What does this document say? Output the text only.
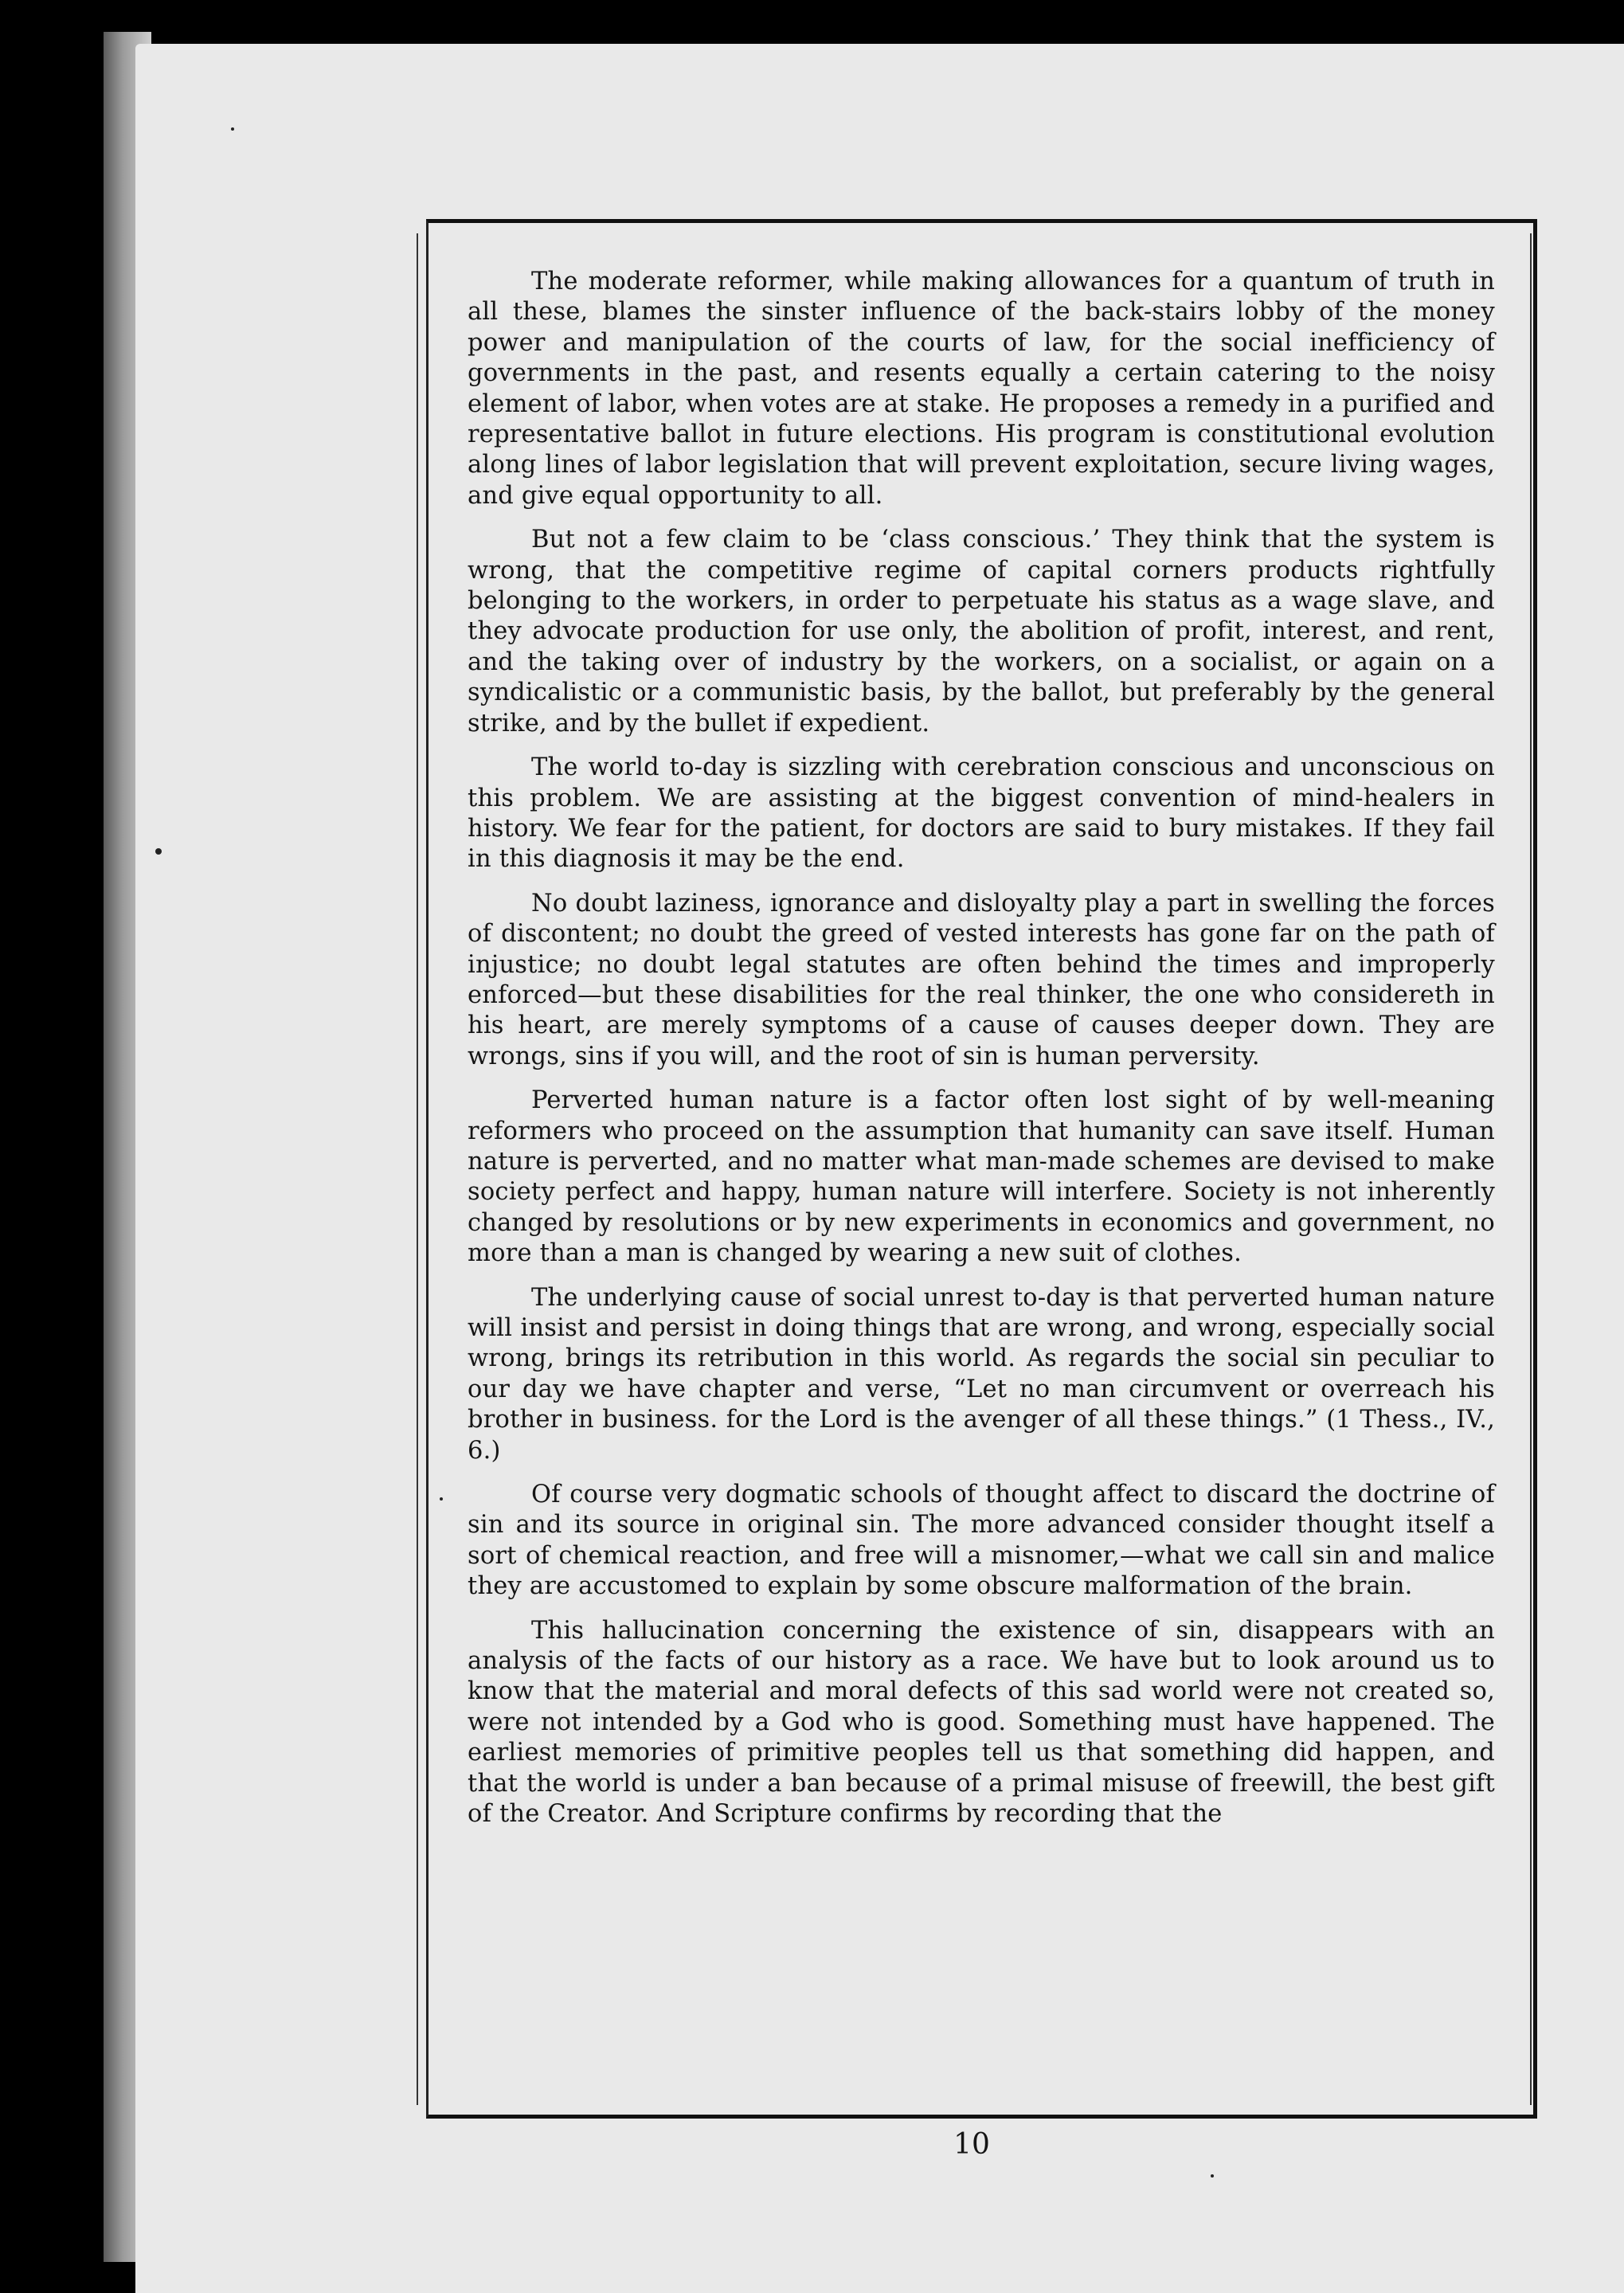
The moderate reformer, while making allowances for a quantum of truth in all these, blames the sinster influence of the back-stairs lobby of the money power and manipulation of the courts of law, for the social inefficiency of governments in the past, and resents equally a certain catering to the noisy element of labor, when votes are at stake. He proposes a remedy in a purified and representative ballot in future elections. His program is constitutional evolution along lines of labor legislation that will prevent exploitation, secure living wages, and give equal opportunity to all.

But not a few claim to be ‘class conscious.’ They think that the system is wrong, that the competitive regime of capital corners products rightfully belonging to the workers, in order to perpetuate his status as a wage slave, and they advocate production for use only, the abolition of profit, interest, and rent, and the taking over of industry by the workers, on a socialist, or again on a syndicalistic or a communistic basis, by the ballot, but preferably by the general strike, and by the bullet if expedient.

The world to-day is sizzling with cerebration conscious and unconscious on this problem. We are assisting at the biggest convention of mind-healers in history. We fear for the patient, for doctors are said to bury mistakes. If they fail in this diagnosis it may be the end.

No doubt laziness, ignorance and disloyalty play a part in swelling the forces of discontent; no doubt the greed of vested interests has gone far on the path of injustice; no doubt legal statutes are often behind the times and improperly enforced—but these disabilities for the real thinker, the one who considereth in his heart, are merely symptoms of a cause of causes deeper down. They are wrongs, sins if you will, and the root of sin is human perversity.

Perverted human nature is a factor often lost sight of by well-meaning reformers who proceed on the assumption that humanity can save itself. Human nature is perverted, and no matter what man-made schemes are devised to make society perfect and happy, human nature will interfere. Society is not inherently changed by resolutions or by new experiments in economics and government, no more than a man is changed by wearing a new suit of clothes.

The underlying cause of social unrest to-day is that perverted human nature will insist and persist in doing things that are wrong, and wrong, especially social wrong, brings its retribution in this world. As regards the social sin peculiar to our day we have chapter and verse, “Let no man circumvent or overreach his brother in business. for the Lord is the avenger of all these things.” (1 Thess., IV., 6.)

Of course very dogmatic schools of thought affect to discard the doctrine of sin and its source in original sin. The more advanced consider thought itself a sort of chemical reaction, and free will a misnomer,—what we call sin and malice they are accustomed to explain by some obscure malformation of the brain.

This hallucination concerning the existence of sin, disappears with an analysis of the facts of our history as a race. We have but to look around us to know that the material and moral defects of this sad world were not created so, were not intended by a God who is good. Something must have happened. The earliest memories of primitive peoples tell us that something did happen, and that the world is under a ban because of a primal misuse of freewill, the best gift of the Creator. And Scripture confirms by recording that the

10
